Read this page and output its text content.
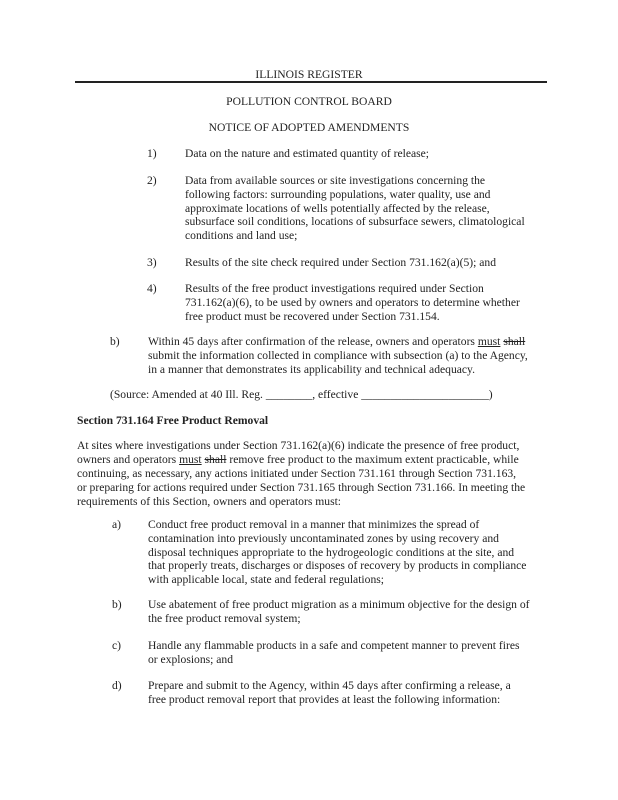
ILLINOIS REGISTER
POLLUTION CONTROL BOARD
NOTICE OF ADOPTED AMENDMENTS
1) Data on the nature and estimated quantity of release;
2) Data from available sources or site investigations concerning the
following factors: surrounding populations, water quality, use and
approximate locations of wells potentially affected by the release,
subsurface soil conditions, locations of subsurface sewers, climatological
conditions and land use;
3) Results of the site check required under Section 731.162(a)(5); and
4) Results of the free product investigations required under Section
731.162(a)(6), to be used by owners and operators to determine whether
free product must be recovered under Section 731.154.
b) Within 45 days after confirmation of the release, owners and operators must shall
submit the information collected in compliance with subsection (a) to the Agency,
in a manner that demonstrates its applicability and technical adequacy.
(Source: Amended at 40 Ill. Reg. ________, effective ______________________)
Section 731.164 Free Product Removal
At sites where investigations under Section 731.162(a)(6) indicate the presence of free product,
owners and operators must shall remove free product to the maximum extent practicable, while
continuing, as necessary, any actions initiated under Section 731.161 through Section 731.163,
or preparing for actions required under Section 731.165 through Section 731.166. In meeting the
requirements of this Section, owners and operators must:
a) Conduct free product removal in a manner that minimizes the spread of
contamination into previously uncontaminated zones by using recovery and
disposal techniques appropriate to the hydrogeologic conditions at the site, and
that properly treats, discharges or disposes of recovery by products in compliance
with applicable local, state and federal regulations;
b) Use abatement of free product migration as a minimum objective for the design of
the free product removal system;
c) Handle any flammable products in a safe and competent manner to prevent fires
or explosions; and
d) Prepare and submit to the Agency, within 45 days after confirming a release, a
free product removal report that provides at least the following information:
